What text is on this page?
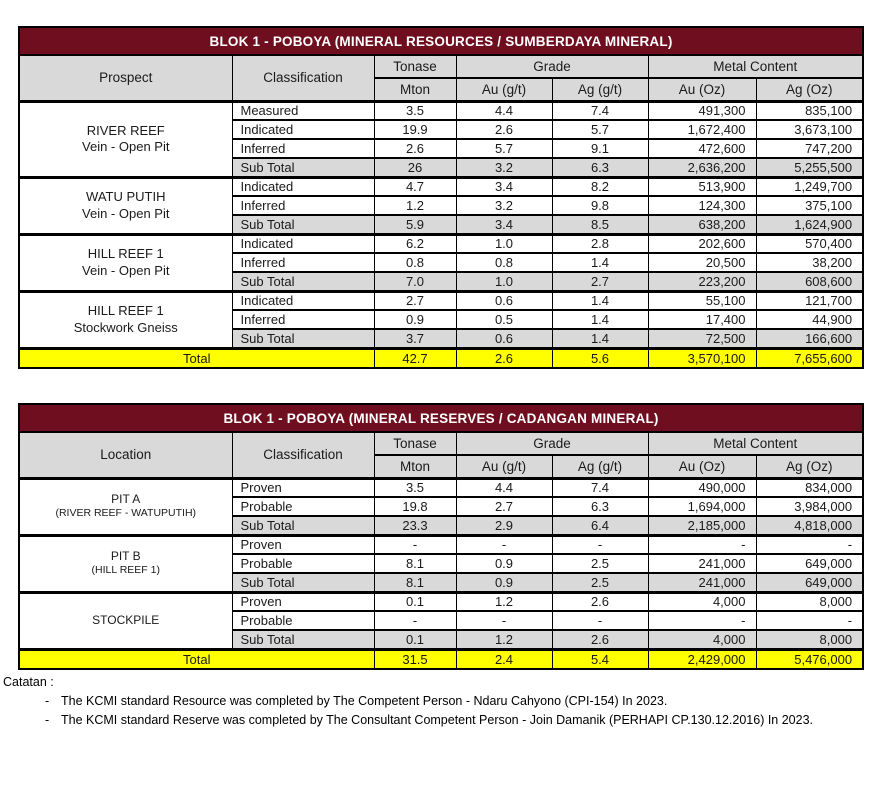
BLOK 1 - POBOYA (MINERAL RESOURCES / SUMBERDAYA MINERAL)						
Prospect	Classification	Tonase	Grade		Metal Content	
		Mton	Au (g/t)	Ag (g/t)	Au (Oz)	Ag (Oz)

RIVER REEF
Vein - Open Pit	Measured	3.5	4.4	7.4	491,300	835,100
	Indicated	19.9	2.6	5.7	1,672,400	3,673,100
	Inferred	2.6	5.7	9.1	472,600	747,200
	Sub Total	26	3.2	6.3	2,636,200	5,255,500

WATU PUTIH
Vein - Open Pit	Indicated	4.7	3.4	8.2	513,900	1,249,700
	Inferred	1.2	3.2	9.8	124,300	375,100
	Sub Total	5.9	3.4	8.5	638,200	1,624,900

HILL REEF 1
Vein - Open Pit	Indicated	6.2	1.0	2.8	202,600	570,400
	Inferred	0.8	0.8	1.4	20,500	38,200
	Sub Total	7.0	1.0	2.7	223,200	608,600

HILL REEF 1
Stockwork Gneiss	Indicated	2.7	0.6	1.4	55,100	121,700
	Inferred	0.9	0.5	1.4	17,400	44,900
	Sub Total	3.7	0.6	1.4	72,500	166,600
Total		42.7	2.6	5.6	3,570,100	7,655,600
BLOK 1 - POBOYA (MINERAL RESERVES / CADANGAN MINERAL)						
Location	Classification	Tonase	Grade		Metal Content	
		Mton	Au (g/t)	Ag (g/t)	Au (Oz)	Ag (Oz)

PIT A
(RIVER REEF - WATUPUTIH)	Proven	3.5	4.4	7.4	490,000	834,000
	Probable	19.8	2.7	6.3	1,694,000	3,984,000
	Sub Total	23.3	2.9	6.4	2,185,000	4,818,000

PIT B
(HILL REEF 1)	Proven	-	-	-	-	-
	Probable	8.1	0.9	2.5	241,000	649,000
	Sub Total	8.1	0.9	2.5	241,000	649,000

STOCKPILE	Proven	0.1	1.2	2.6	4,000	8,000
	Probable	-	-	-	-	-
	Sub Total	0.1	1.2	2.6	4,000	8,000
Total		31.5	2.4	5.4	2,429,000	5,476,000
Catatan :
- The KCMI standard Resource was completed by The Competent Person - Ndaru Cahyono (CPI-154) In 2023.
- The KCMI standard Reserve was completed by The Consultant Competent Person - Join Damanik (PERHAPI CP.130.12.2016) In 2023.
